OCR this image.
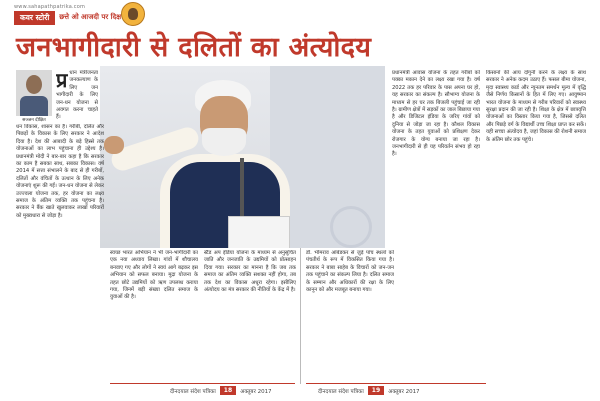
www.sahapathpatrika.com
कवर स्टोरी	छत्ते ओ आजदी पर दिक्ष
जनभागीदारी से दलितों का अंत्योदय
सज्जन दीक्षित
प्र धान मंत्रीजनता जनकल्याण के लिए जन भागीदारी के लिए जन-धन योजना से अवगत करना चाहते हैं।
धन विकास, शासन का है। गरीबी, दलित और पिछड़ों के विकास के लिए सरकार ने आदेश दिया है। देश की आबादी के बड़े हिस्से तक योजनाओं का लाभ पहुंचाना ही उद्देश्य है। प्रधानमंत्री मोदी ने बार-बार कहा है कि सरकार का काम है सबका साथ, सबका विकास। वर्ष 2014 में सत्ता संभालने के बाद से ही गरीबों, दलितों और वंचितों के उत्थान के लिए अनेक योजनाएं शुरू की गईं। जन-धन योजना से लेकर उज्ज्वला योजना तक, हर योजना का लक्ष्य समाज के अंतिम व्यक्ति तक पहुंचना है। सरकार ने बैंक खाते खुलवाकर लाखों परिवारों को मुख्यधारा से जोड़ा है।
स्वच्छ भारत अभियान ने भी जन-भागीदारी का एक नया अध्याय लिखा। गांवों में शौचालय बनवाए गए और लोगों ने स्वयं आगे बढ़कर इस अभियान को सफल बनाया। मुद्रा योजना के तहत छोटे उद्यमियों को ऋण उपलब्ध कराया गया, जिनमें बड़ी संख्या दलित समाज के युवाओं की है।
स्टैंड अप इंडिया योजना के माध्यम से अनुसूचित जाति और जनजाति के उद्यमियों को प्रोत्साहन दिया गया। सरकार का मानना है कि जब तक समाज का अंतिम व्यक्ति सशक्त नहीं होगा, तब तक देश का विकास अधूरा रहेगा। इसीलिए अंत्योदय का मंत्र सरकार की नीतियों के केंद्र में है।
डॉ. भीमराव आंबेडकर से जुड़े पांच स्थलों को पंचतीर्थ के रूप में विकसित किया गया है। सरकार ने बाबा साहेब के विचारों को जन-जन तक पहुंचाने का संकल्प लिया है। दलित समाज के सम्मान और अधिकारों की रक्षा के लिए कानून को और मजबूत बनाया गया।
प्रधानमंत्री आवास योजना के तहत गरीबों को पक्का मकान देने का लक्ष्य रखा गया है। वर्ष 2022 तक हर परिवार के पास अपना घर हो, यह सरकार का संकल्प है। सौभाग्य योजना के माध्यम से हर घर तक बिजली पहुंचाई जा रही है। ग्रामीण क्षेत्रों में सड़कों का जाल बिछाया गया है और डिजिटल इंडिया के जरिए गांवों को दुनिया से जोड़ा जा रहा है। कौशल विकास योजना के तहत युवाओं को प्रशिक्षण देकर रोजगार के योग्य बनाया जा रहा है। जनभागीदारी से ही यह परिवर्तन संभव हो रहा है।
किसानों की आय दोगुनी करने के लक्ष्य के साथ सरकार ने अनेक कदम उठाए हैं। फसल बीमा योजना, मृदा स्वास्थ्य कार्ड और न्यूनतम समर्थन मूल्य में वृद्धि जैसे निर्णय किसानों के हित में लिए गए। आयुष्मान भारत योजना के माध्यम से गरीब परिवारों को स्वास्थ्य सुरक्षा प्रदान की जा रही है। शिक्षा के क्षेत्र में छात्रवृत्ति योजनाओं का विस्तार किया गया है, जिससे दलित और पिछड़े वर्ग के विद्यार्थी उच्च शिक्षा प्राप्त कर सकें। यही सच्चा अंत्योदय है, जहां विकास की रोशनी समाज के अंतिम छोर तक पहुंचे।
दीनदयाल संदेश पत्रिका	18	अक्तूबर 2017	दीनदयाल संदेश पत्रिका	19	अक्तूबर 2017
